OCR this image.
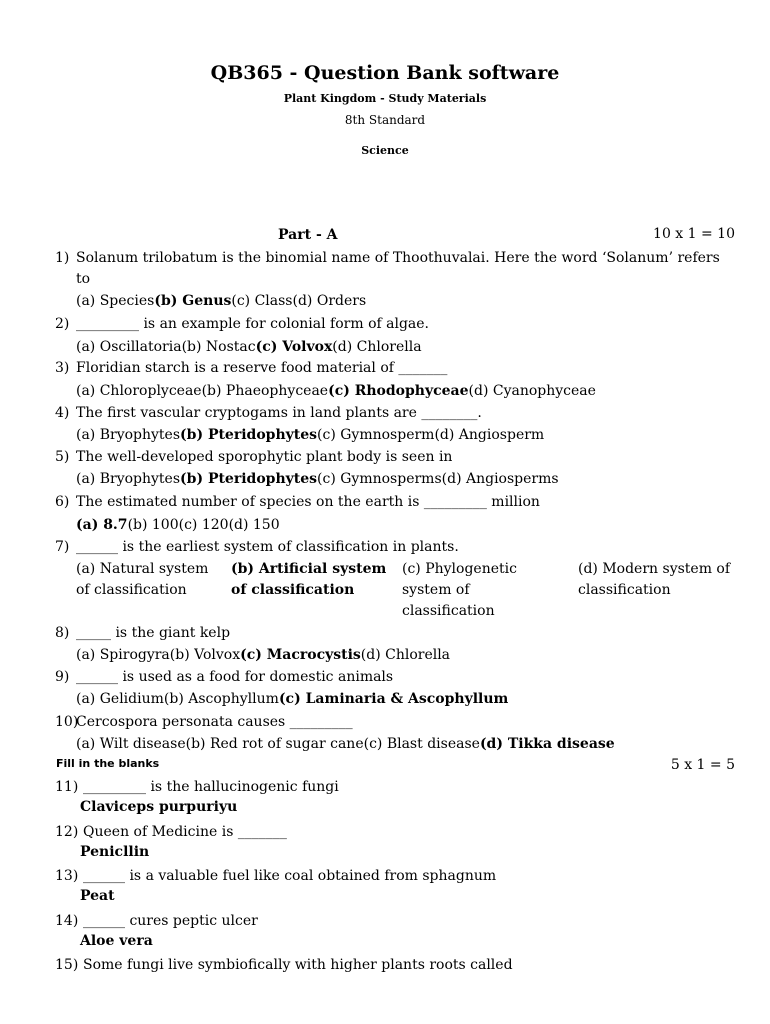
QB365 - Question Bank software
Plant Kingdom - Study Materials
8th Standard
Science
Part - A	10 x 1 = 10
1) Solanum trilobatum is the binomial name of Thoothuvalai. Here the word ‘Solanum’ refers to
(a) Species(b) Genus(c) Class(d) Orders
2) _________ is an example for colonial form of algae.
(a) Oscillatoria(b) Nostac(c) Volvox(d) Chlorella
3) Floridian starch is a reserve food material of _______
(a) Chloroplyceae(b) Phaeophyceae(c) Rhodophyceae(d) Cyanophyceae
4) The first vascular cryptogams in land plants are ________.
(a) Bryophytes(b) Pteridophytes(c) Gymnosperm(d) Angiosperm
5) The well-developed sporophytic plant body is seen in
(a) Bryophytes(b) Pteridophytes(c) Gymnosperms(d) Angiosperms
6) The estimated number of species on the earth is _________ million
(a) 8.7(b) 100(c) 120(d) 150
7) ______ is the earliest system of classification in plants.
(a) Natural system of classification
(b) Artificial system of classification
(c) Phylogenetic system of classification
(d) Modern system of classification
8) _____ is the giant kelp
(a) Spirogyra(b) Volvox(c) Macrocystis(d) Chlorella
9) ______ is used as a food for domestic animals
(a) Gelidium(b) Ascophyllum(c) Laminaria & Ascophyllum
10)
Cercospora personata causes _________
(a) Wilt disease(b) Red rot of sugar cane(c) Blast disease(d) Tikka disease
Fill in the blanks	5 x 1 = 5
11) _________ is the hallucinogenic fungi
Claviceps purpuriyu
12) Queen of Medicine is _______
Penicllin
13) ______ is a valuable fuel like coal obtained from sphagnum
Peat
14) ______ cures peptic ulcer
Aloe vera
15) Some fungi live symbiofically with higher plants roots called
